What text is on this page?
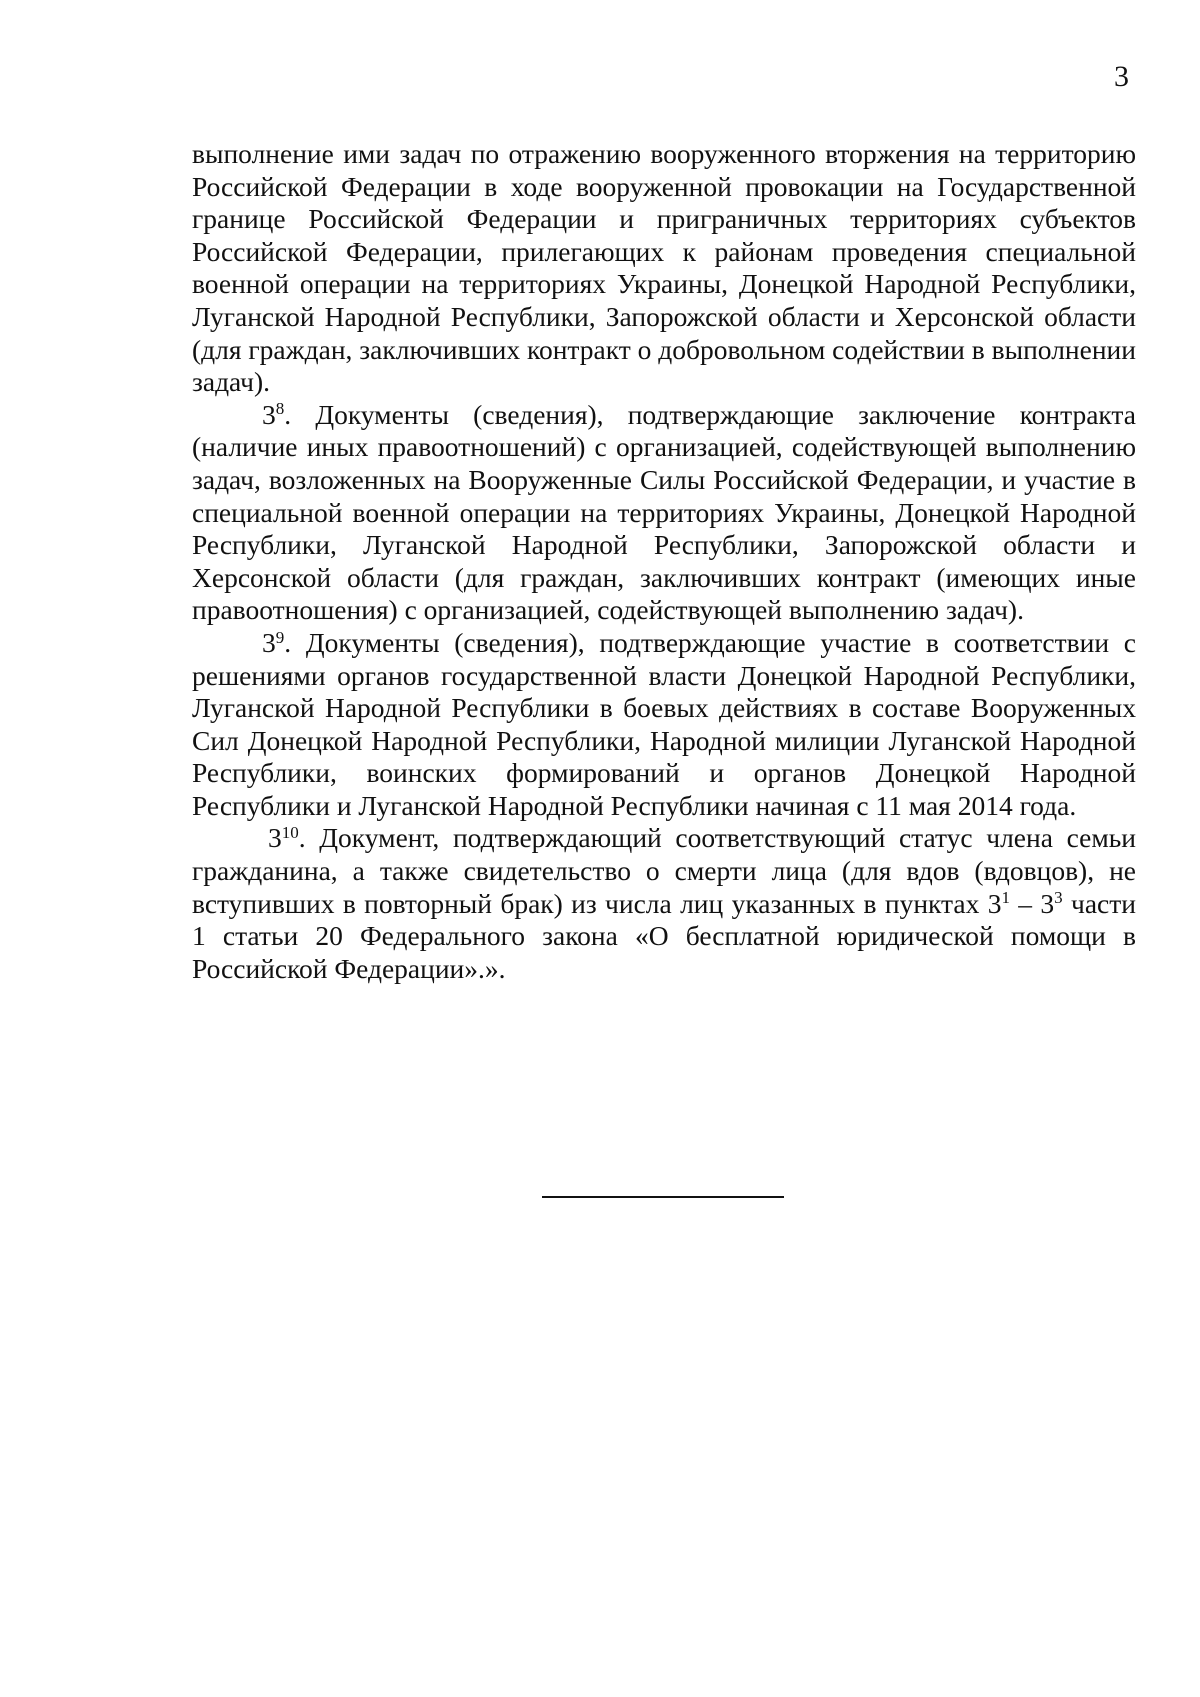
3

выполнение ими задач по отражению вооруженного вторжения на территорию Российской Федерации в ходе вооруженной провокации на Государственной границе Российской Федерации и приграничных территориях субъектов Российской Федерации, прилегающих к районам проведения специальной военной операции на территориях Украины, Донецкой Народной Республики, Луганской Народной Республики, Запорожской области и Херсонской области (для граждан, заключивших контракт о добровольном содействии в выполнении задач).

$3^8$. Документы (сведения), подтверждающие заключение контракта (наличие иных правоотношений) с организацией, содействующей выполнению задач, возложенных на Вооруженные Силы Российской Федерации, и участие в специальной военной операции на территориях Украины, Донецкой Народной Республики, Луганской Народной Республики, Запорожской области и Херсонской области (для граждан, заключивших контракт (имеющих иные правоотношения) с организацией, содействующей выполнению задач).

$3^9$. Документы (сведения), подтверждающие участие в соответствии с решениями органов государственной власти Донецкой Народной Республики, Луганской Народной Республики в боевых действиях в составе Вооруженных Сил Донецкой Народной Республики, Народной милиции Луганской Народной Республики, воинских формирований и органов Донецкой Народной Республики и Луганской Народной Республики начиная с 11 мая 2014 года.

$3^{10}$. Документ, подтверждающий соответствующий статус члена семьи гражданина, а также свидетельство о смерти лица (для вдов (вдовцов), не вступивших в повторный брак) из числа лиц указанных в пунктах $3^1 - 3^3$ части 1 статьи 20 Федерального закона «О бесплатной юридической помощи в Российской Федерации».».
